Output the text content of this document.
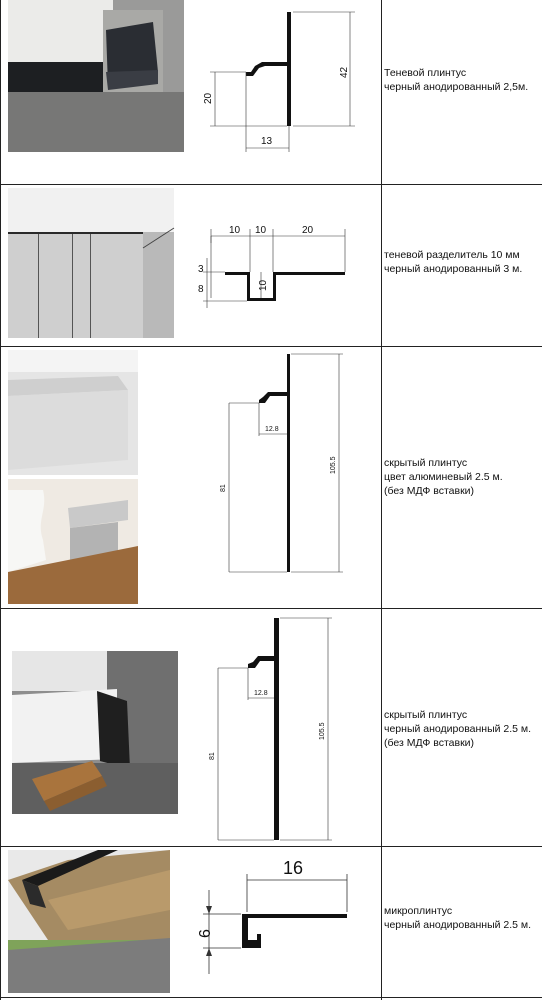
13
20
42	Теневой плинтус
черный анодированный 2,5м.
10 10	20
3
8	10
теневой разделитель 10 мм
черный анодированный 3 м.
12.8
81
105.5	скрытый плинтус
цвет алюминевый 2.5 м.
(без МДФ вставки)
12.8
81
105.5
скрытый плинтус
черный анодированный 2.5 м.
(без МДФ вставки)
16
6
микроплинтус
черный анодированный 2.5 м.
